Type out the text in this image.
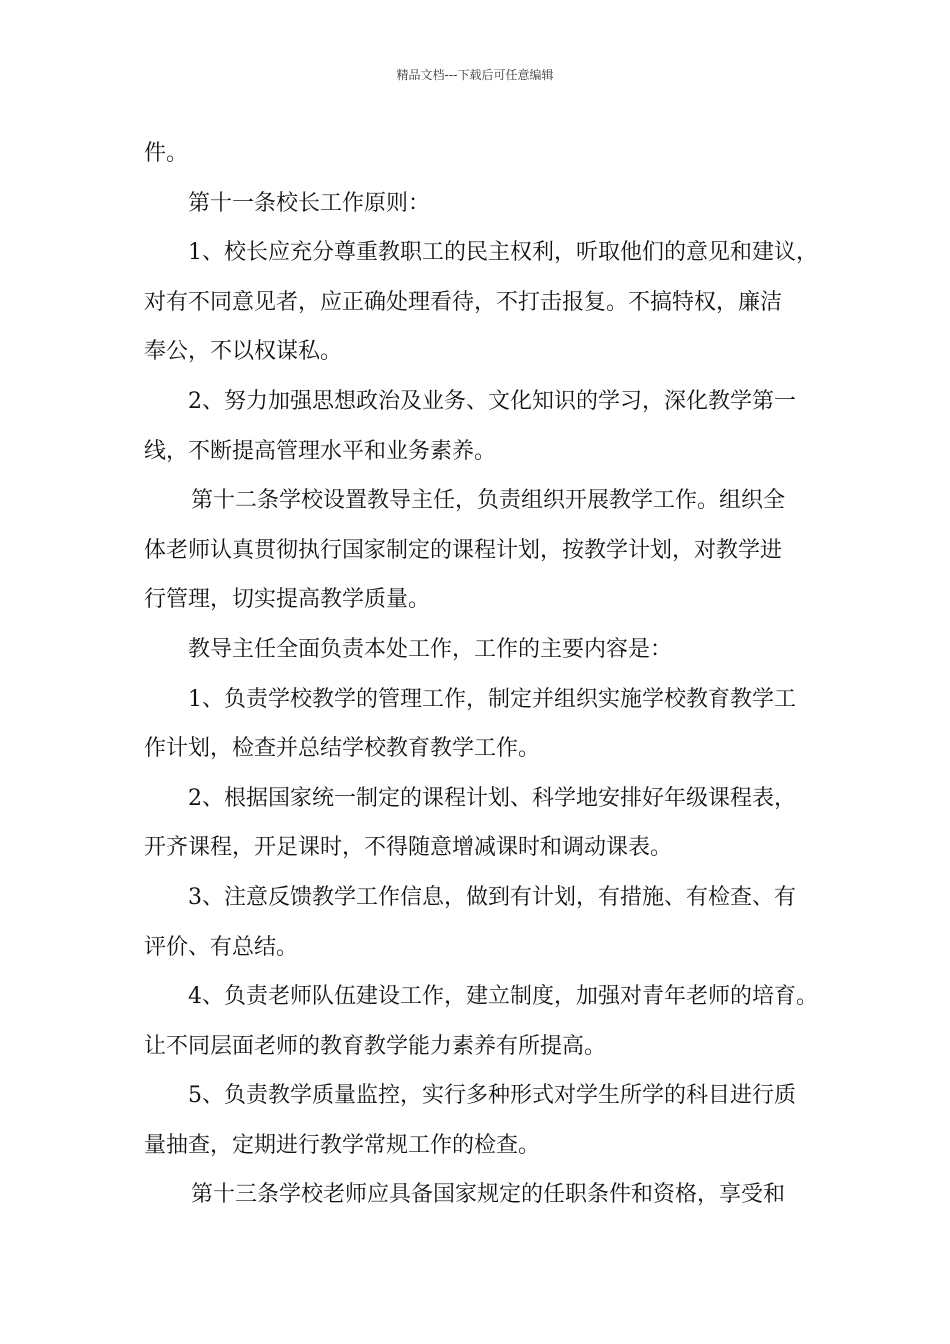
精品文档---下载后可任意编辑

件。

第十一条校长工作原则：

1、校长应充分尊重教职工的民主权利，听取他们的意见和建议，

对有不同意见者，应正确处理看待，不打击报复。不搞特权，廉洁

奉公，不以权谋私。

2、努力加强思想政治及业务、文化知识的学习，深化教学第一

线，不断提高管理水平和业务素养。

第十二条学校设置教导主任，负责组织开展教学工作。组织全

体老师认真贯彻执行国家制定的课程计划，按教学计划，对教学进

行管理，切实提高教学质量。

教导主任全面负责本处工作，工作的主要内容是：

1、负责学校教学的管理工作，制定并组织实施学校教育教学工

作计划，检查并总结学校教育教学工作。

2、根据国家统一制定的课程计划、科学地安排好年级课程表，

开齐课程，开足课时，不得随意增减课时和调动课表。

3、注意反馈教学工作信息，做到有计划，有措施、有检查、有

评价、有总结。

4、负责老师队伍建设工作，建立制度，加强对青年老师的培育。

让不同层面老师的教育教学能力素养有所提高。

5、负责教学质量监控，实行多种形式对学生所学的科目进行质

量抽查，定期进行教学常规工作的检查。

第十三条学校老师应具备国家规定的任职条件和资格，享受和
